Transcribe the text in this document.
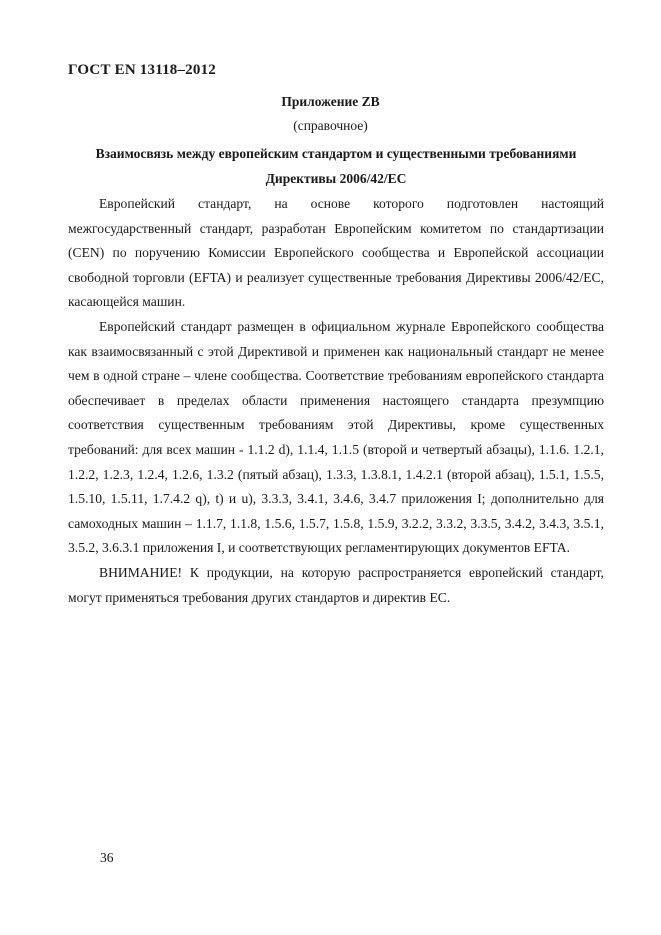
ГОСТ EN 13118–2012
Приложение ZB
(справочное)
Взаимосвязь между европейским стандартом и существенными требованиями Директивы 2006/42/ЕС

Европейский стандарт, на основе которого подготовлен настоящий межгосударственный стандарт, разработан Европейским комитетом по стандартизации (CEN) по поручению Комиссии Европейского сообщества и Европейской ассоциации свободной торговли (EFTA) и реализует существенные требования Директивы 2006/42/ЕС, касающейся машин.

Европейский стандарт размещен в официальном журнале Европейского сообщества как взаимосвязанный с этой Директивой и применен как национальный стандарт не менее чем в одной стране – члене сообщества. Соответствие требованиям европейского стандарта обеспечивает в пределах области применения настоящего стандарта презумпцию соответствия существенным требованиям этой Директивы, кроме существенных требований: для всех машин - 1.1.2 d), 1.1.4, 1.1.5 (второй и четвертый абзацы), 1.1.6. 1.2.1, 1.2.2, 1.2.3, 1.2.4, 1.2.6, 1.3.2 (пятый абзац), 1.3.3, 1.3.8.1, 1.4.2.1 (второй абзац), 1.5.1, 1.5.5, 1.5.10, 1.5.11, 1.7.4.2 q), t) и u), 3.3.3, 3.4.1, 3.4.6, 3.4.7 приложения I; дополнительно для самоходных машин – 1.1.7, 1.1.8, 1.5.6, 1.5.7, 1.5.8, 1.5.9, 3.2.2, 3.3.2, 3.3.5, 3.4.2, 3.4.3, 3.5.1, 3.5.2, 3.6.3.1 приложения I, и соответствующих регламентирующих документов EFTA.

ВНИМАНИЕ! К продукции, на которую распространяется европейский стандарт, могут применяться требования других стандартов и директив ЕС.

36
